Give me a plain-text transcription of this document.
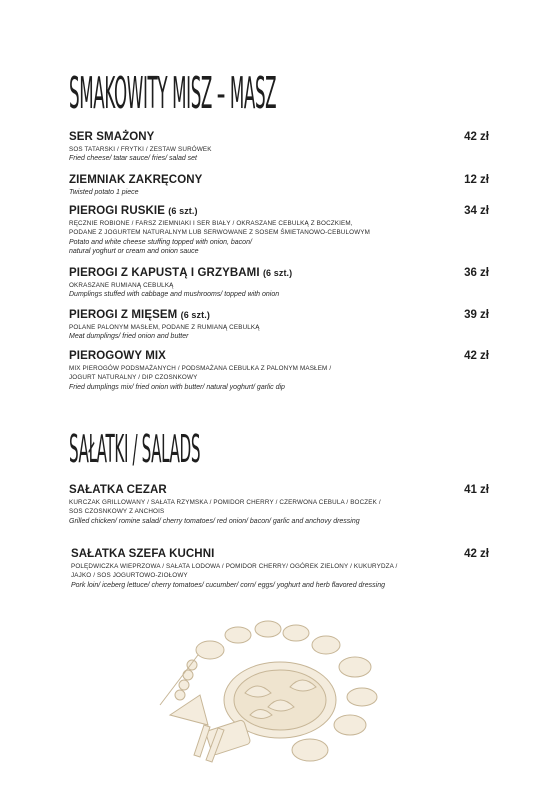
SMAKOWITY MISZ – MASZ
SER SMAŻONY	42 zł
SOS TATARSKI / FRYTKI / ZESTAW SURÓWEK
Fried cheese/ tatar sauce/ fries/ salad set
ZIEMNIAK ZAKRĘCONY	12 zł
Twisted potato 1 piece
PIEROGI RUSKIE (6 szt.)	34 zł
RĘCZNIE ROBIONE / FARSZ ZIEMNIAKI I SER BIAŁY / OKRASZANE CEBULKĄ Z BOCZKIEM,
PODANE Z JOGURTEM NATURALNYM LUB SERWOWANE Z SOSEM ŚMIETANOWO-CEBULOWYM
Potato and white cheese stuffing topped with onion, bacon/
natural yoghurt or cream and onion sauce
PIEROGI Z KAPUSTĄ I GRZYBAMI (6 szt.)	36 zł
OKRASZANE RUMIANĄ CEBULKĄ
Dumplings stuffed with cabbage and mushrooms/ topped with onion
PIEROGI Z MIĘSEM (6 szt.)	39 zł
POLANE PALONYM MASŁEM, PODANE Z RUMIANĄ CEBULKĄ
Meat dumplings/ fried onion and butter
PIEROGOWY MIX	42 zł
MIX PIEROGÓW PODSMAŻANYCH / PODSMAŻANA CEBULKA Z PALONYM MASŁEM /
JOGURT NATURALNY / DIP CZOSNKOWY
Fried dumplings mix/ fried onion with butter/ natural yoghurt/ garlic dip
SAŁATKI / SALADS
SAŁATKA CEZAR	41 zł
KURCZAK GRILLOWANY / SAŁATA RZYMSKA / POMIDOR CHERRY / CZERWONA CEBULA / BOCZEK /
SOS CZOSNKOWY Z ANCHOIS
Grilled chicken/ romine salad/ cherry tomatoes/ red onion/ bacon/ garlic and anchovy dressing
SAŁATKA SZEFA KUCHNI	42 zł
POLĘDWICZKA WIEPRZOWA / SAŁATA LODOWA / POMIDOR CHERRY/ OGÓREK ZIELONY / KUKURYDZA /
JAJKO / SOS JOGURTOWO-ZIOŁOWY
Pork loin/ iceberg lettuce/ cherry tomatoes/ cucumber/ corn/ eggs/ yoghurt and herb flavored dressing
